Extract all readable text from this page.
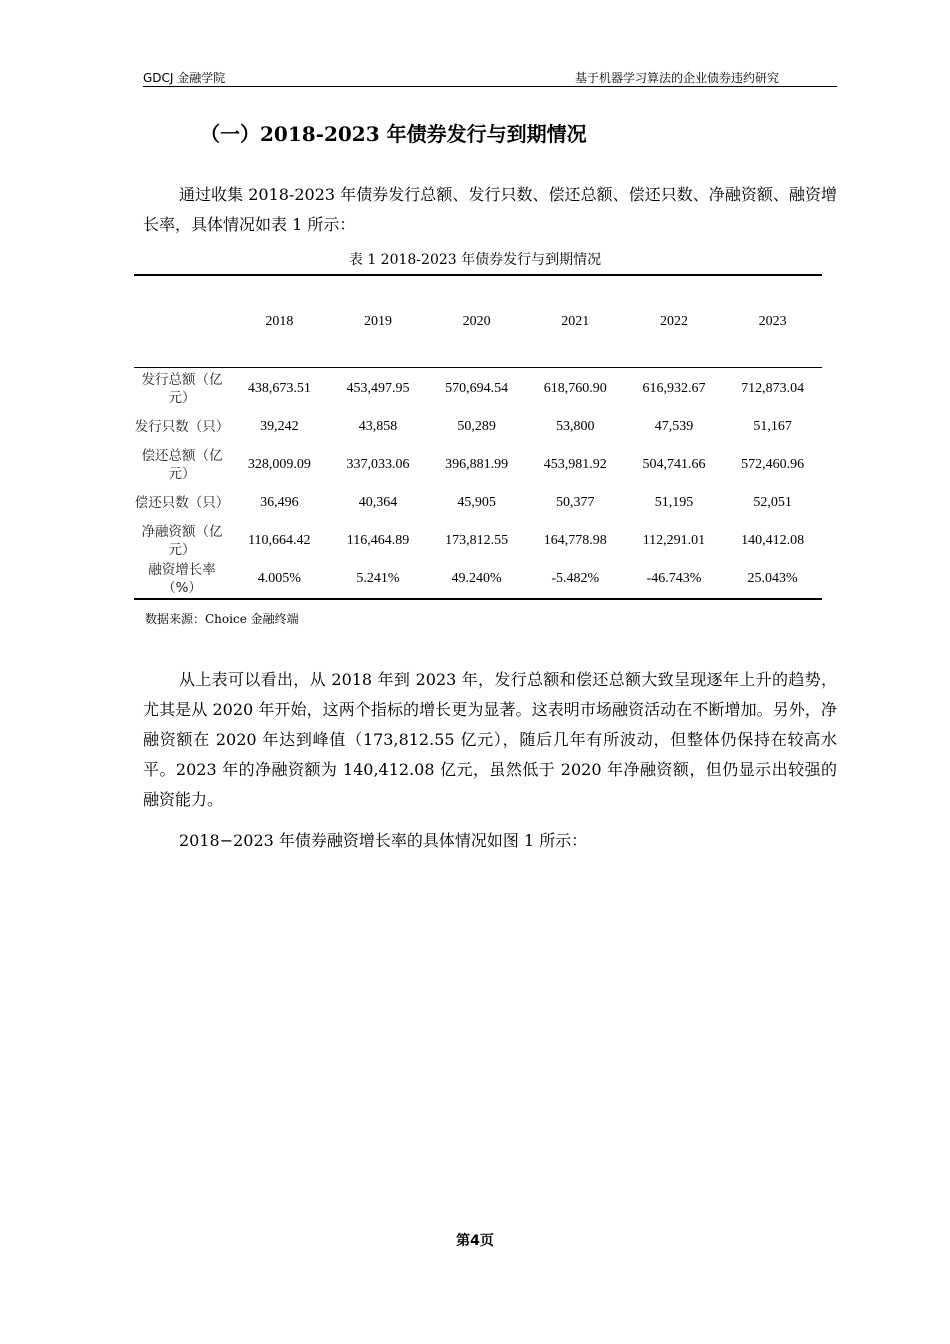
GDCJ 金融学院	基于机器学习算法的企业债券违约研究
（一）2018-2023 年债券发行与到期情况

通过收集 2018-2023 年债券发行总额、发行只数、偿还总额、偿还只数、净融资额、融资增长率，具体情况如表 1 所示：

表 1 2018-2023 年债券发行与到期情况
	2018	2019	2020	2021	2022	2023
发行总额（亿元）	438,673.51	453,497.95	570,694.54	618,760.90	616,932.67	712,873.04
发行只数（只）	39,242	43,858	50,289	53,800	47,539	51,167
偿还总额（亿元）	328,009.09	337,033.06	396,881.99	453,981.92	504,741.66	572,460.96
偿还只数（只）	36,496	40,364	45,905	50,377	51,195	52,051
净融资额（亿元）	110,664.42	116,464.89	173,812.55	164,778.98	112,291.01	140,412.08
融资增长率（%）	4.005%	5.241%	49.240%	-5.482%	-46.743%	25.043%
数据来源：Choice 金融终端

从上表可以看出，从 2018 年到 2023 年，发行总额和偿还总额大致呈现逐年上升的趋势，尤其是从 2020 年开始，这两个指标的增长更为显著。这表明市场融资活动在不断增加。另外，净融资额在 2020 年达到峰值（173,812.55 亿元），随后几年有所波动，但整体仍保持在较高水平。2023 年的净融资额为 140,412.08 亿元，虽然低于 2020 年净融资额，但仍显示出较强的融资能力。

2018−2023 年债券融资增长率的具体情况如图 1 所示：

第4页
